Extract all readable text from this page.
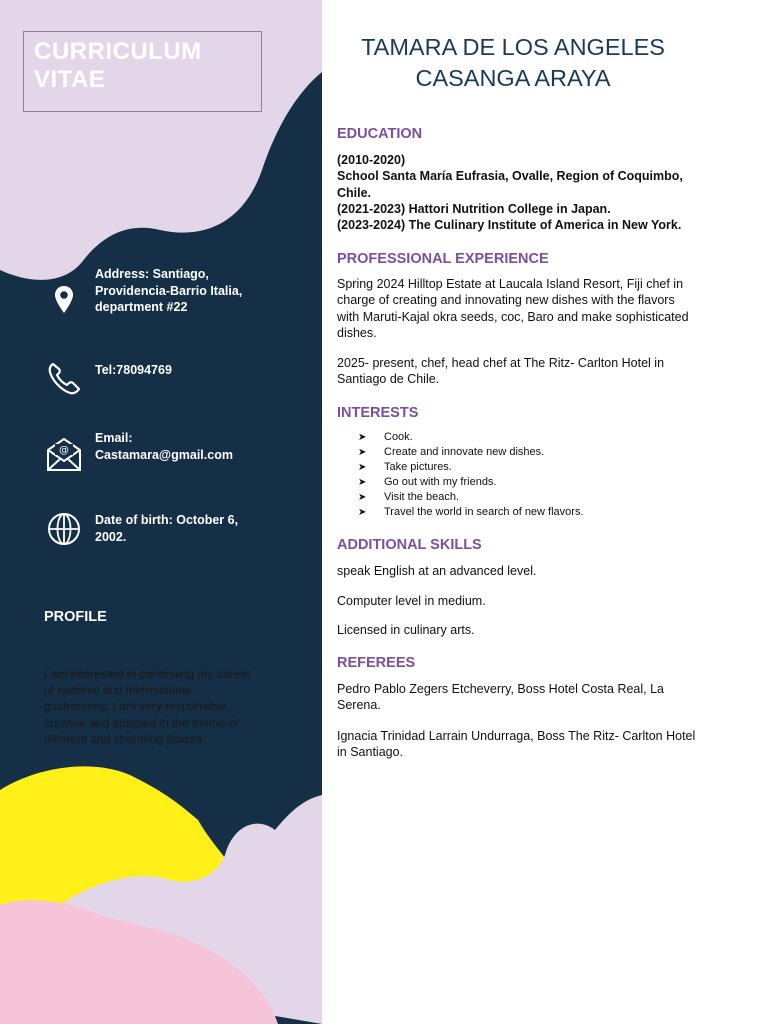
CURRICULUM
VITAE
Address: Santiago,
Providencia-Barrio Italia,
department #22
Tel:78094769
@
Email:
Castamara@gmail.com
Date of birth: October 6,
2002.
PROFILE
I am interested in continuing my career of national and international gastronomy, I am very responsible, creative and adapted in the theme of different and charming flavors.
TAMARA DE LOS ANGELES
CASANGA ARAYA
EDUCATION
(2010-2020)
School Santa María Eufrasia, Ovalle, Region of Coquimbo,
Chile.
(2021-2023) Hattori Nutrition College in Japan.
(2023-2024) The Culinary Institute of America in New York.
PROFESSIONAL EXPERIENCE
Spring 2024 Hilltop Estate at Laucala Island Resort, Fiji chef in charge of creating and innovating new dishes with the flavors with Maruti-Kajal okra seeds, coc, Baro and make sophisticated dishes.
2025- present, chef, head chef at The Ritz- Carlton Hotel in Santiago de Chile.
INTERESTS
➤ Cook.
➤ Create and innovate new dishes.
➤ Take pictures.
➤ Go out with my friends.
➤ Visit the beach.
➤ Travel the world in search of new flavors.
ADDITIONAL SKILLS
speak English at an advanced level.
Computer level in medium.
Licensed in culinary arts.
REFEREES
Pedro Pablo Zegers Etcheverry, Boss Hotel Costa Real, La Serena.
Ignacia Trinidad Larrain Undurraga, Boss The Ritz- Carlton Hotel in Santiago.
